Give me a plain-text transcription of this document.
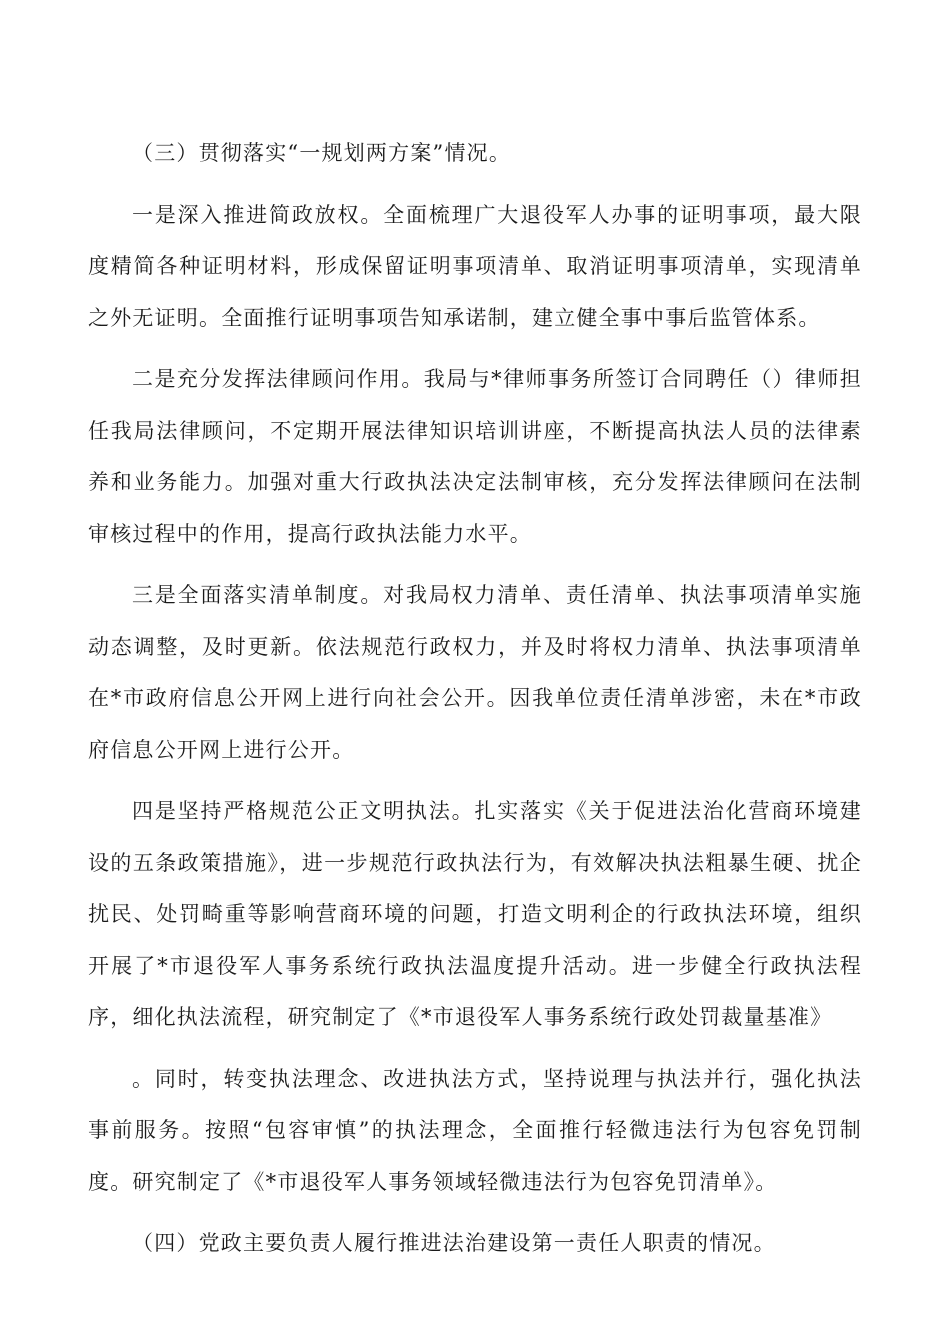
（三）贯彻落实“一规划两方案”情况。

一是深入推进简政放权。全面梳理广大退役军人办事的证明事项，最大限度精简各种证明材料，形成保留证明事项清单、取消证明事项清单，实现清单之外无证明。全面推行证明事项告知承诺制，建立健全事中事后监管体系。

二是充分发挥法律顾问作用。我局与*律师事务所签订合同聘任（）律师担任我局法律顾问，不定期开展法律知识培训讲座，不断提高执法人员的法律素养和业务能力。加强对重大行政执法决定法制审核，充分发挥法律顾问在法制审核过程中的作用，提高行政执法能力水平。

三是全面落实清单制度。对我局权力清单、责任清单、执法事项清单实施动态调整，及时更新。依法规范行政权力，并及时将权力清单、执法事项清单在*市政府信息公开网上进行向社会公开。因我单位责任清单涉密，未在*市政府信息公开网上进行公开。

四是坚持严格规范公正文明执法。扎实落实《关于促进法治化营商环境建设的五条政策措施》，进一步规范行政执法行为，有效解决执法粗暴生硬、扰企扰民、处罚畸重等影响营商环境的问题，打造文明利企的行政执法环境，组织开展了*市退役军人事务系统行政执法温度提升活动。进一步健全行政执法程序，细化执法流程，研究制定了《*市退役军人事务系统行政处罚裁量基准》

。同时，转变执法理念、改进执法方式，坚持说理与执法并行，强化执法事前服务。按照“包容审慎”的执法理念，全面推行轻微违法行为包容免罚制度。研究制定了《*市退役军人事务领域轻微违法行为包容免罚清单》。

（四）党政主要负责人履行推进法治建设第一责任人职责的情况。
